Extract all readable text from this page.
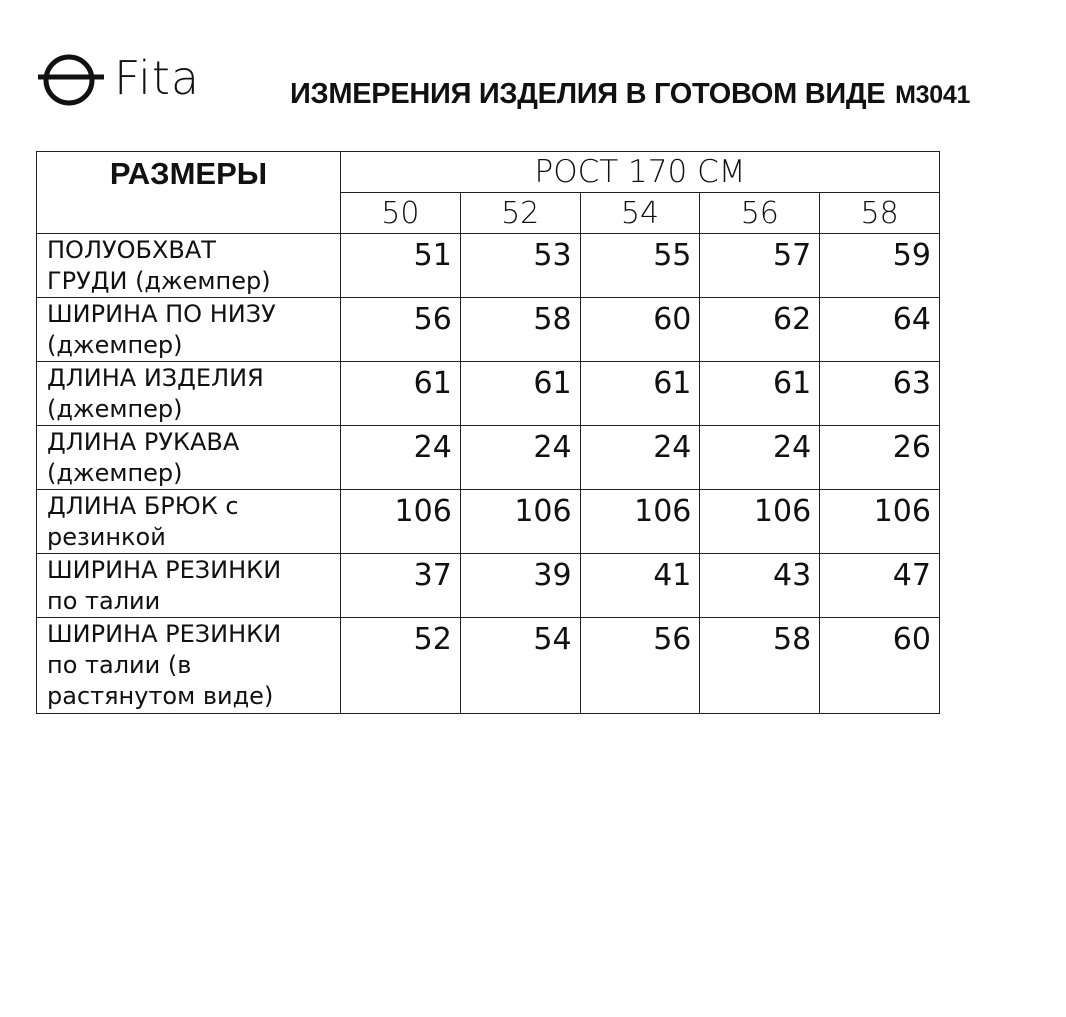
Fita	ИЗМЕРЕНИЯ ИЗДЕЛИЯ В ГОТОВОМ ВИДЕ M3041
РАЗМЕРЫ	РОСТ 170 СМ				
	50	52	54	56	58

ПОЛУОБХВАТ
ГРУДИ (джемпер)	51	53	55	57	59

ШИРИНА ПО НИЗУ
(джемпер)	56	58	60	62	64

ДЛИНА ИЗДЕЛИЯ
(джемпер)	61	61	61	61	63

ДЛИНА РУКАВА
(джемпер)	24	24	24	24	26

ДЛИНА БРЮК с
резинкой	106	106	106	106	106

ШИРИНА РЕЗИНКИ
по талии	37	39	41	43	47

ШИРИНА РЕЗИНКИ
по талии (в
растянутом виде)	52	54	56	58	60
